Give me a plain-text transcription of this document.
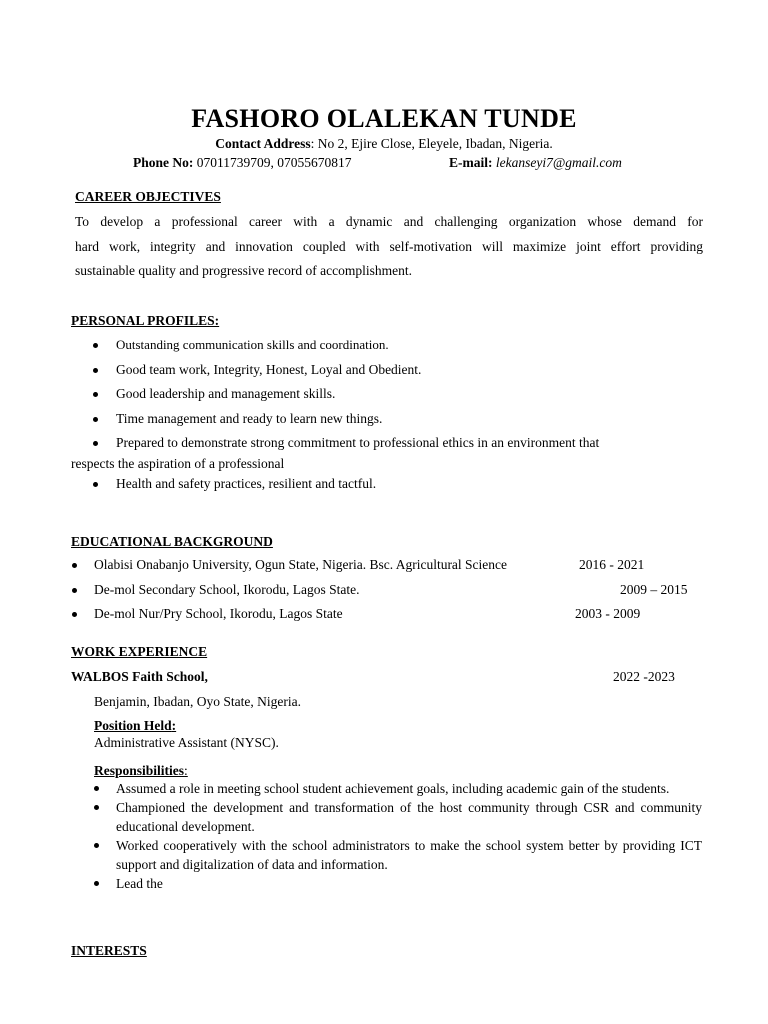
FASHORO OLALEKAN TUNDE
Contact Address: No 2, Ejire Close, Eleyele, Ibadan, Nigeria.
Phone No: 07011739709, 07055670817	E-mail: lekanseyi7@gmail.com
CAREER OBJECTIVES
To develop a professional career with a dynamic and challenging organization whose demand for
hard work, integrity and innovation coupled with self-motivation will maximize joint effort providing
sustainable quality and progressive record of accomplishment.
PERSONAL PROFILES:
Outstanding communication skills and coordination.
Good team work, Integrity, Honest, Loyal and Obedient.
Good leadership and management skills.
Time management and ready to learn new things.
Prepared to demonstrate strong commitment to professional ethics in an environment that
respects the aspiration of a professional
Health and safety practices, resilient and tactful.
EDUCATIONAL BACKGROUND
Olabisi Onabanjo University, Ogun State, Nigeria. Bsc. Agricultural Science	2016 - 2021
De-mol Secondary School, Ikorodu, Lagos State.	2009 – 2015
De-mol Nur/Pry School, Ikorodu, Lagos State	2003 - 2009
WORK EXPERIENCE
WALBOS Faith School,	2022 -2023
Benjamin, Ibadan, Oyo State, Nigeria.
Position Held:
Administrative Assistant (NYSC).
Responsibilities:
Assumed a role in meeting school student achievement goals, including academic gain of the students.
Championed the development and transformation of the host community through CSR and community educational development.
Worked cooperatively with the school administrators to make the school system better by providing ICT support and digitalization of data and information.
Lead the
INTERESTS
